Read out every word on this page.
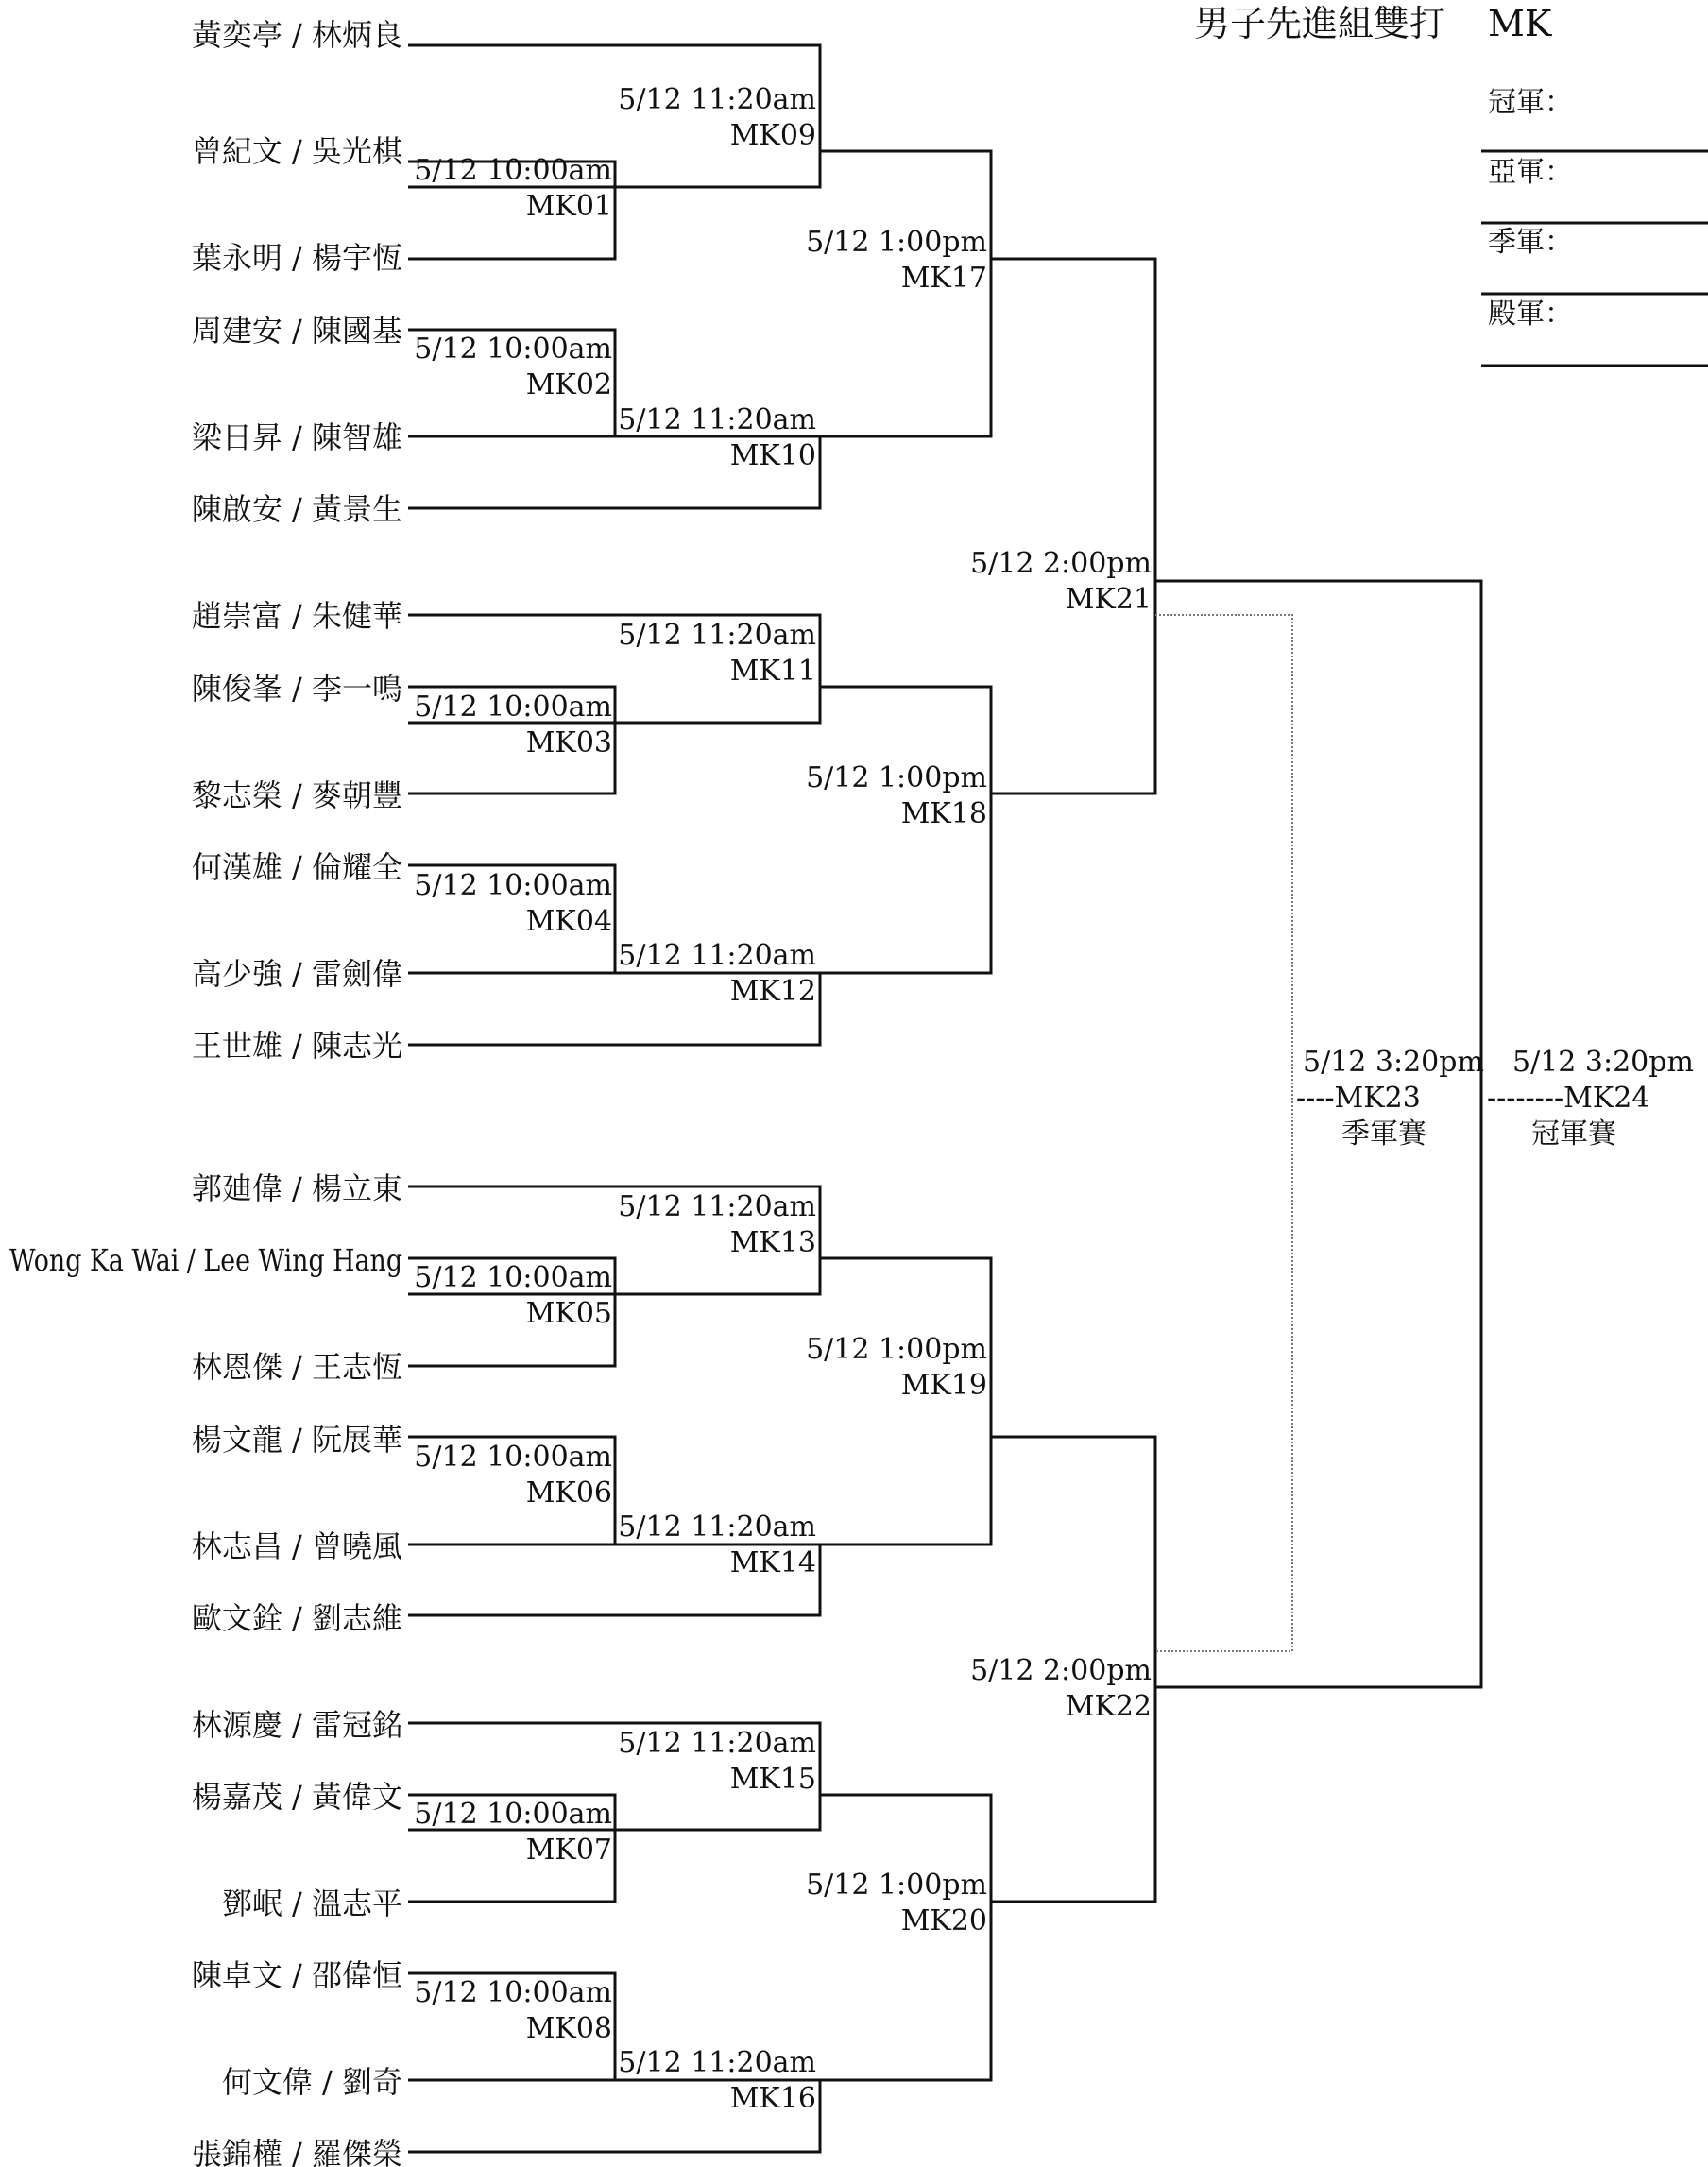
男子先進組雙打 MK
冠軍：
亞軍：
季軍：
殿軍：
黃奕亭 / 林炳良
曾紀文 / 吳光棋
葉永明 / 楊宇恆
周建安 / 陳國基
梁日昇 / 陳智雄
陳啟安 / 黃景生
趙崇富 / 朱健華
陳俊峯 / 李一鳴
黎志榮 / 麥朝豐
何漢雄 / 倫耀全
高少強 / 雷劍偉
王世雄 / 陳志光
郭廸偉 / 楊立東
Wong Ka Wai / Lee Wing Hang
林恩傑 / 王志恆
楊文龍 / 阮展華
林志昌 / 曾曉風
歐文銓 / 劉志維
林源慶 / 雷冠銘
楊嘉茂 / 黃偉文
鄧岷 / 溫志平
陳卓文 / 邵偉恒
何文偉 / 劉奇
張錦權 / 羅傑榮
5/12 10:00am
MK01
5/12 10:00am
MK02
5/12 10:00am
MK03
5/12 10:00am
MK04
5/12 10:00am
MK05
5/12 10:00am
MK06
5/12 10:00am
MK07
5/12 10:00am
MK08
5/12 11:20am
MK09
5/12 11:20am
MK10
5/12 11:20am
MK11
5/12 11:20am
MK12
5/12 11:20am
MK13
5/12 11:20am
MK14
5/12 11:20am
MK15
5/12 11:20am
MK16
5/12 1:00pm
MK17
5/12 1:00pm
MK18
5/12 1:00pm
MK19
5/12 1:00pm
MK20
5/12 2:00pm
MK21
5/12 2:00pm
MK22
5/12 3:20pm
----MK23
季軍賽
5/12 3:20pm
--------MK24
冠軍賽
